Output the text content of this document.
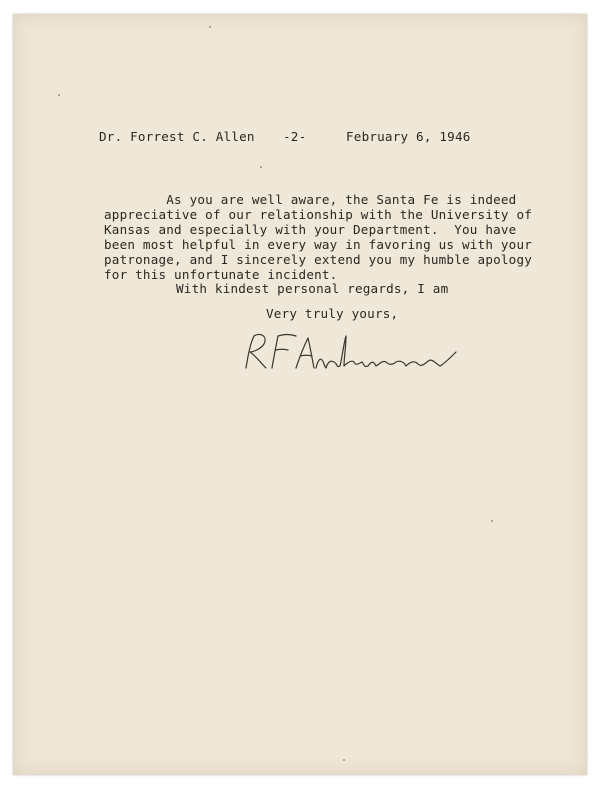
Dr. Forrest C. Allen -2-	February 6, 1946
As you are well aware, the Santa Fe is indeed
appreciative of our relationship with the University of
Kansas and especially with your Department.  You have
been most helpful in every way in favoring us with your
patronage, and I sincerely extend you my humble apology
for this unfortunate incident.
With kindest personal regards, I am
Very truly yours,
